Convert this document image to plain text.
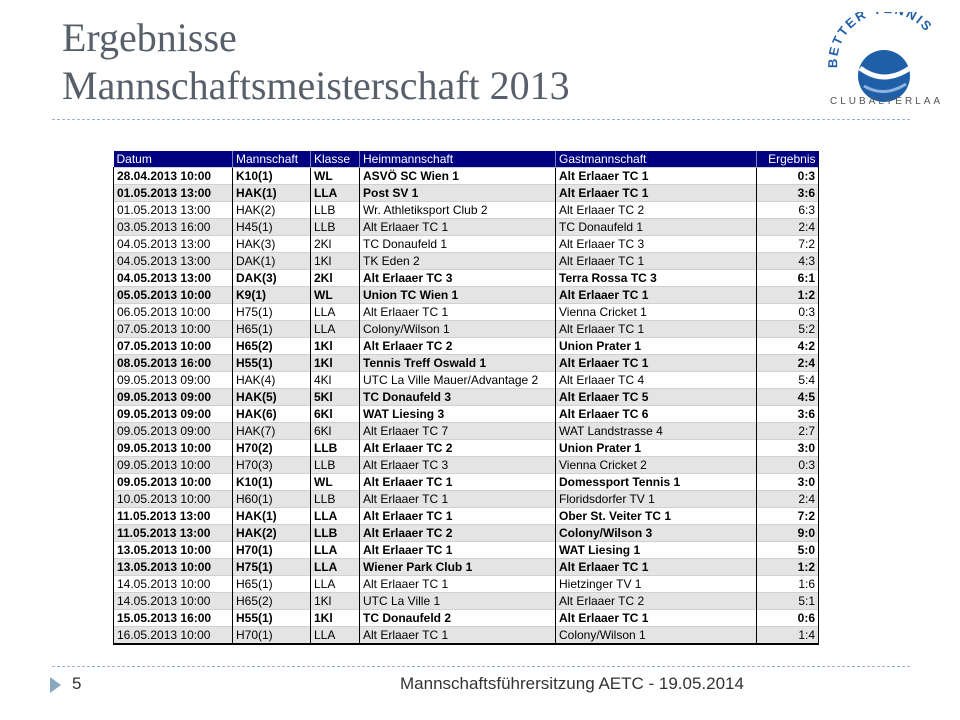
Ergebnisse
Mannschaftsmeisterschaft 2013
BETTER NIS
CLUBALTERLAA
Datum	Mannschaft	Klasse	Heimmannschaft	Gastmannschaft	Ergebnis
28.04.2013 10:00	K10(1)	WL	ASVÖ SC Wien 1	Alt Erlaaer TC 1	0:3
01.05.2013 13:00	HAK(1)	LLA	Post SV 1	Alt Erlaaer TC 1	3:6
01.05.2013 13:00	HAK(2)	LLB	Wr. Athletiksport Club 2	Alt Erlaaer TC 2	6:3
03.05.2013 16:00	H45(1)	LLB	Alt Erlaaer TC 1	TC Donaufeld 1	2:4
04.05.2013 13:00	HAK(3)	2Kl	TC Donaufeld 1	Alt Erlaaer TC 3	7:2
04.05.2013 13:00	DAK(1)	1Kl	TK Eden 2	Alt Erlaaer TC 1	4:3
04.05.2013 13:00	DAK(3)	2Kl	Alt Erlaaer TC 3	Terra Rossa TC 3	6:1
05.05.2013 10:00	K9(1)	WL	Union TC Wien 1	Alt Erlaaer TC 1	1:2
06.05.2013 10:00	H75(1)	LLA	Alt Erlaaer TC 1	Vienna Cricket 1	0:3
07.05.2013 10:00	H65(1)	LLA	Colony/Wilson 1	Alt Erlaaer TC 1	5:2
07.05.2013 10:00	H65(2)	1Kl	Alt Erlaaer TC 2	Union Prater 1	4:2
08.05.2013 16:00	H55(1)	1Kl	Tennis Treff Oswald 1	Alt Erlaaer TC 1	2:4
09.05.2013 09:00	HAK(4)	4Kl	UTC La Ville Mauer/Advantage 2	Alt Erlaaer TC 4	5:4
09.05.2013 09:00	HAK(5)	5Kl	TC Donaufeld 3	Alt Erlaaer TC 5	4:5
09.05.2013 09:00	HAK(6)	6Kl	WAT Liesing 3	Alt Erlaaer TC 6	3:6
09.05.2013 09:00	HAK(7)	6Kl	Alt Erlaaer TC 7	WAT Landstrasse 4	2:7
09.05.2013 10:00	H70(2)	LLB	Alt Erlaaer TC 2	Union Prater 1	3:0
09.05.2013 10:00	H70(3)	LLB	Alt Erlaaer TC 3	Vienna Cricket 2	0:3
09.05.2013 10:00	K10(1)	WL	Alt Erlaaer TC 1	Domessport Tennis 1	3:0
10.05.2013 10:00	H60(1)	LLB	Alt Erlaaer TC 1	Floridsdorfer TV 1	2:4
11.05.2013 13:00	HAK(1)	LLA	Alt Erlaaer TC 1	Ober St. Veiter TC 1	7:2
11.05.2013 13:00	HAK(2)	LLB	Alt Erlaaer TC 2	Colony/Wilson 3	9:0
13.05.2013 10:00	H70(1)	LLA	Alt Erlaaer TC 1	WAT Liesing 1	5:0
13.05.2013 10:00	H75(1)	LLA	Wiener Park Club 1	Alt Erlaaer TC 1	1:2
14.05.2013 10:00	H65(1)	LLA	Alt Erlaaer TC 1	Hietzinger TV 1	1:6
14.05.2013 10:00	H65(2)	1Kl	UTC La Ville 1	Alt Erlaaer TC 2	5:1
15.05.2013 16:00	H55(1)	1Kl	TC Donaufeld 2	Alt Erlaaer TC 1	0:6
16.05.2013 10:00	H70(1)	LLA	Alt Erlaaer TC 1	Colony/Wilson 1	1:4
5	Mannschaftsführersitzung AETC - 19.05.2014
